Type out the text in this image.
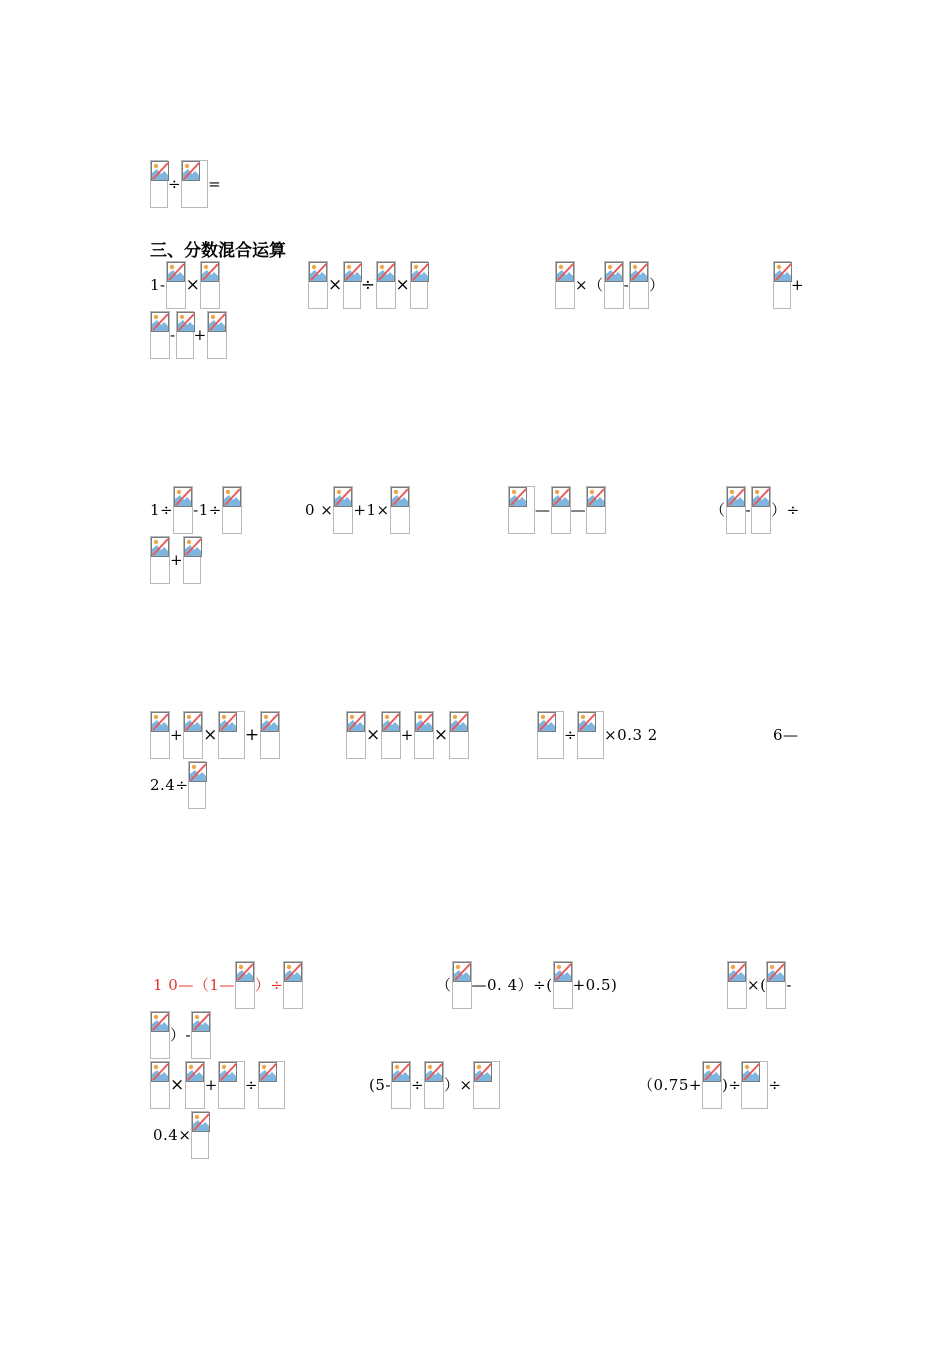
÷ =
三、分数混合运算
1- ×	× ÷ ×	×（ - ）	+
- +
1÷ -1÷	0 × +1×	— —	（ - ）÷
+
+ × +	× + ×	÷ ×0.3 2	6—
2.4÷
1 0—（1— ）÷	（ —0. 4）÷( +0.5)	×( -
）-
× + ÷	(5- ÷ ）×	（0.75+ )÷ ÷
0.4×
